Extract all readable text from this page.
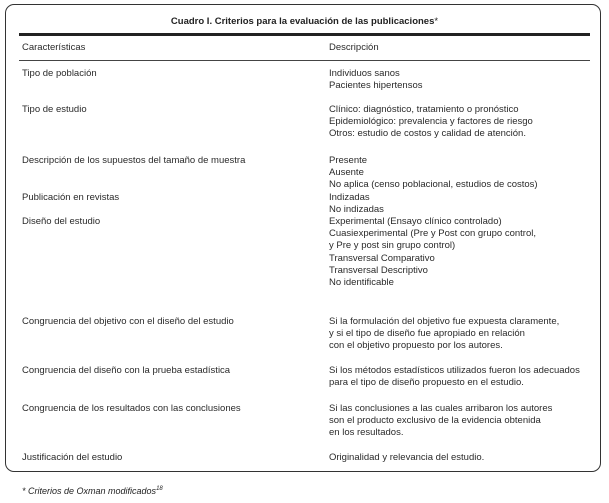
Cuadro I. Criterios para la evaluación de las publicaciones*
Características	Descripción
Tipo de población	Individuos sanos
Pacientes hipertensos
Tipo de estudio	Clínico: diagnóstico, tratamiento o pronóstico
Epidemiológico: prevalencia y factores de riesgo
Otros: estudio de costos y calidad de atención.
Descripción de los supuestos del tamaño de muestra	Presente
Ausente
No aplica (censo poblacional, estudios de costos)
Publicación en revistas	Indizadas
No indizadas
Diseño del estudio	Experimental (Ensayo clínico controlado)
Cuasiexperimental (Pre y Post con grupo control,
y Pre y post sin grupo control)
Transversal Comparativo
Transversal Descriptivo
No identificable
Congruencia del objetivo con el diseño del estudio	Si la formulación del objetivo fue expuesta claramente,
y si el tipo de diseño fue apropiado en relación
con el objetivo propuesto por los autores.
Congruencia del diseño con la prueba estadística	Si los métodos estadísticos utilizados fueron los adecuados
para el tipo de diseño propuesto en el estudio.
Congruencia de los resultados con las conclusiones	Si las conclusiones a las cuales arribaron los autores
son el producto exclusivo de la evidencia obtenida
en los resultados.
Justificación del estudio	Originalidad y relevancia del estudio.
* Criterios de Oxman modificados$^{18}$
